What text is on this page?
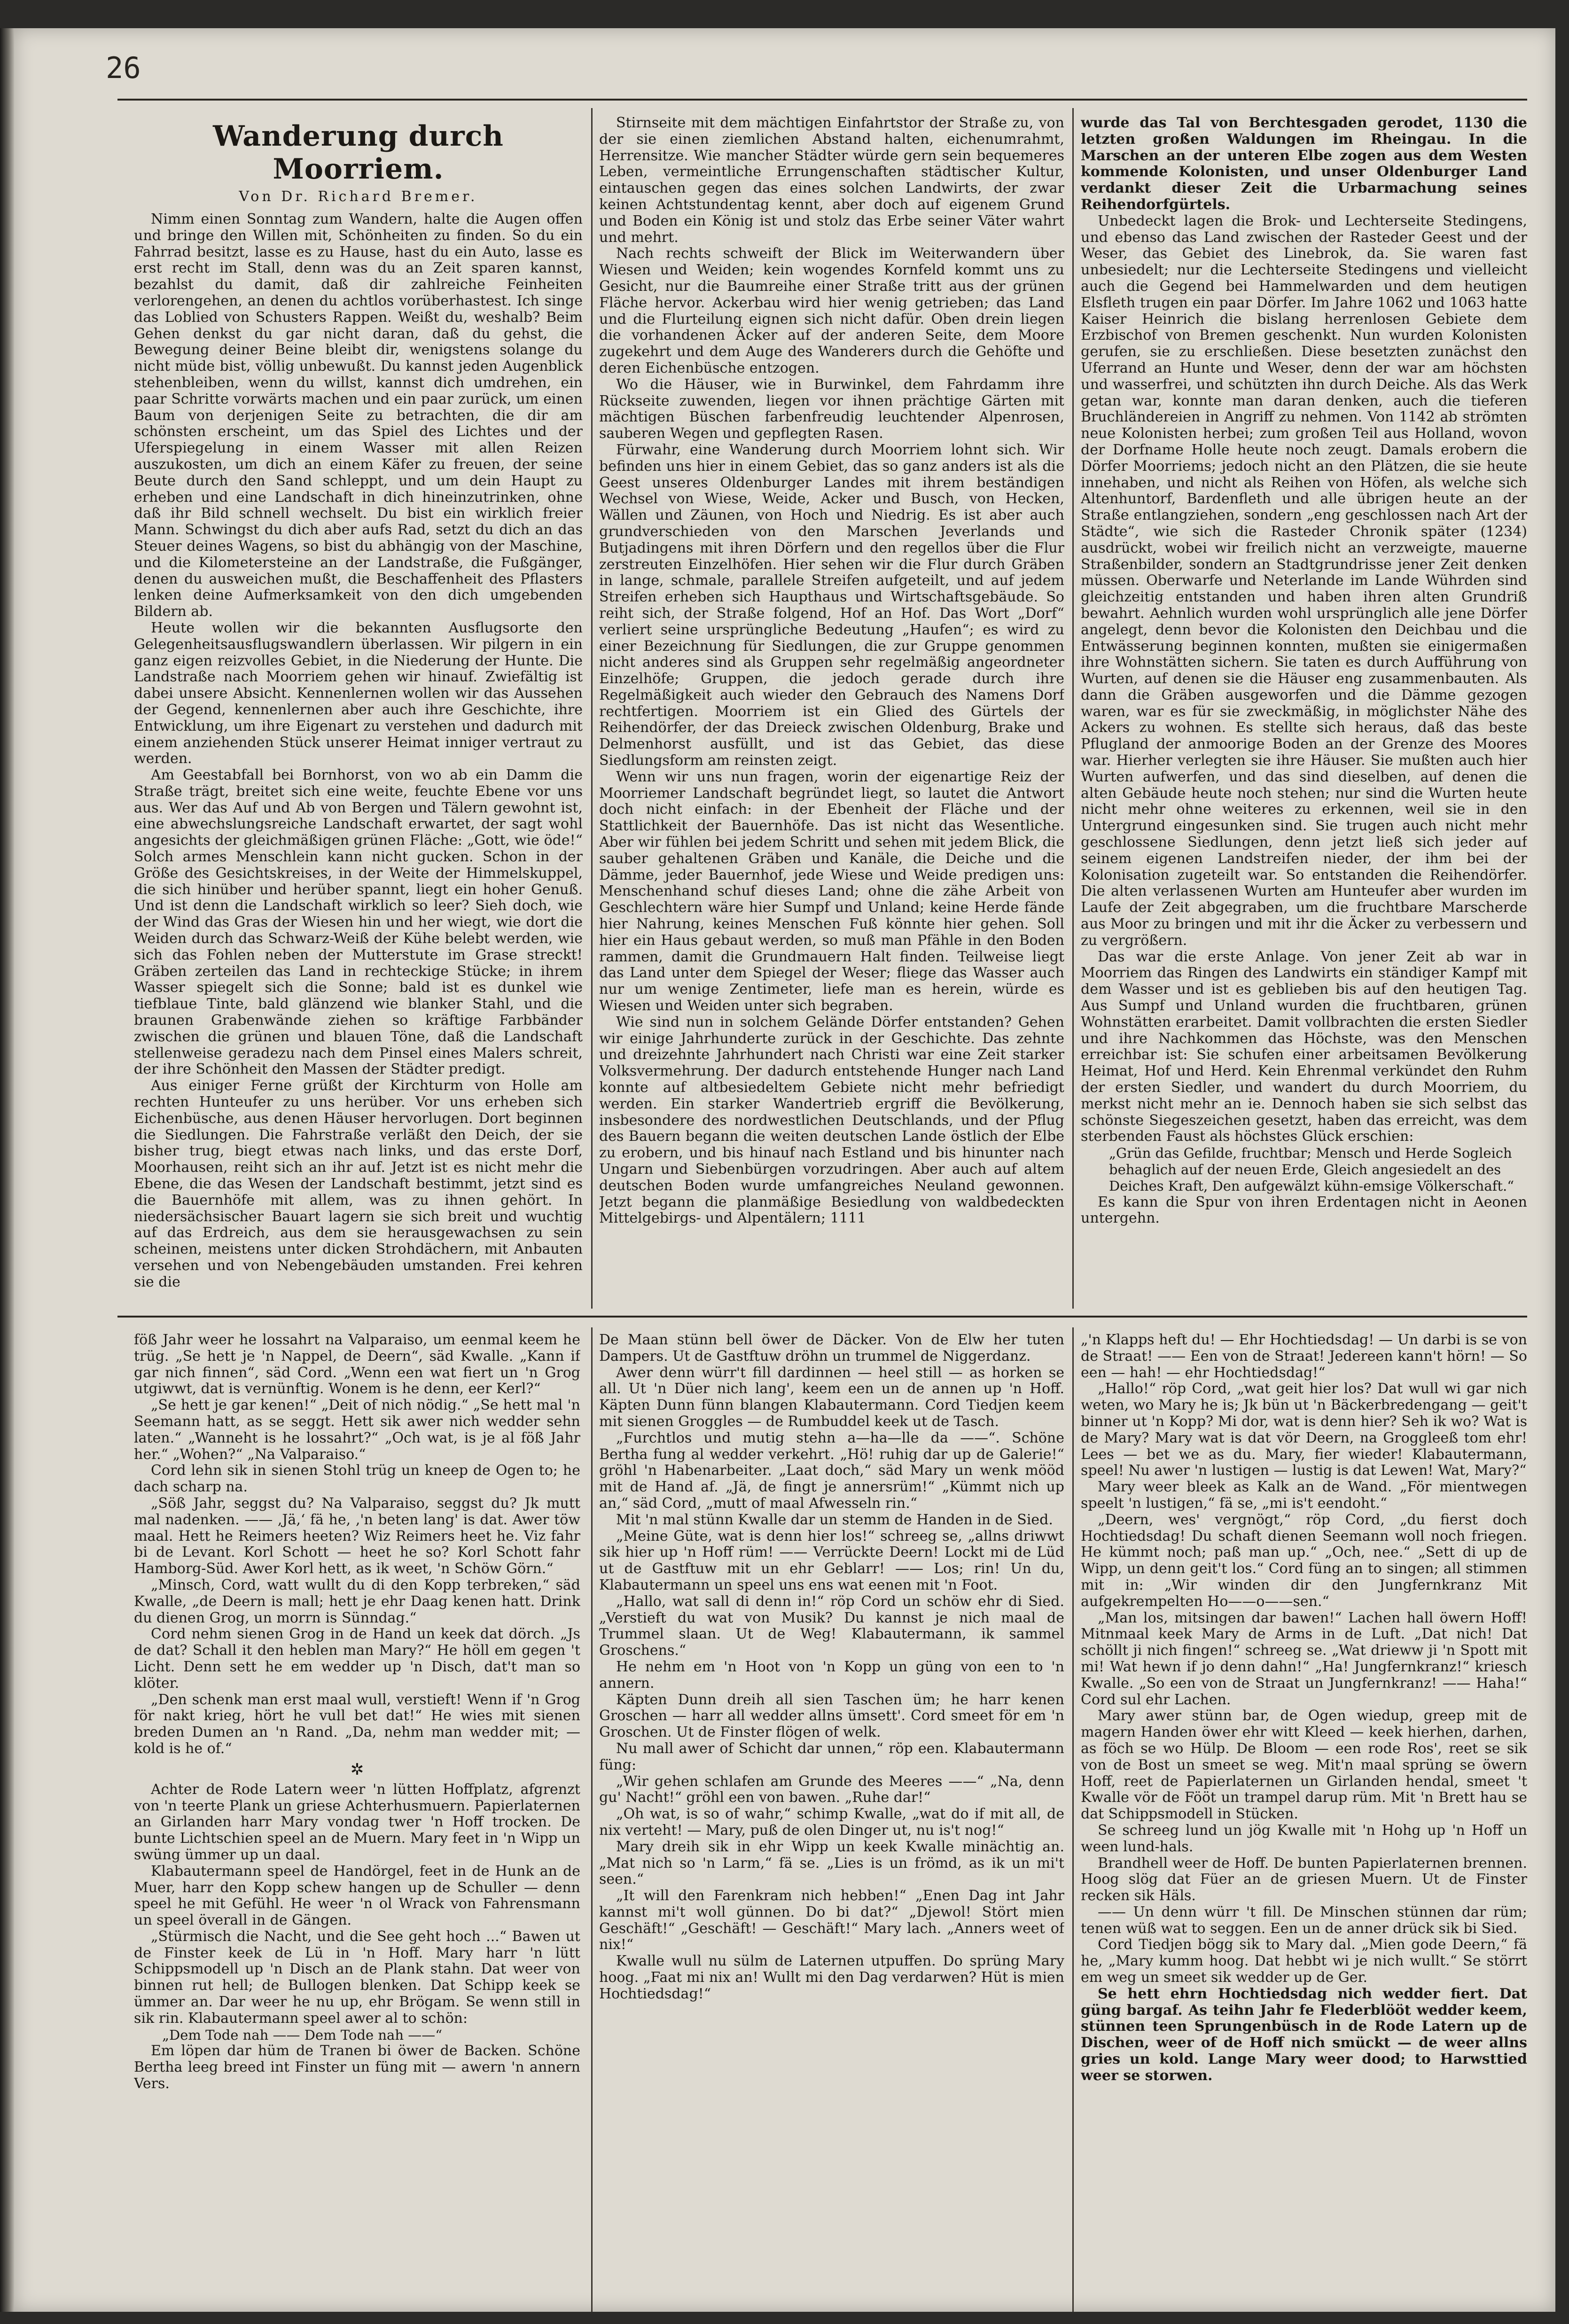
26
Wanderung durch Moorriem.
Von Dr. Richard Bremer.

Nimm einen Sonntag zum Wandern, halte die Augen offen und bringe den Willen mit, Schönheiten zu finden. So du ein Fahrrad besitzt, lasse es zu Hause, hast du ein Auto, lasse es erst recht im Stall, denn was du an Zeit sparen kannst, bezahlst du damit, daß dir zahlreiche Feinheiten verlorengehen, an denen du achtlos vorüberhastest. Ich singe das Loblied von Schusters Rappen. Weißt du, weshalb? Beim Gehen denkst du gar nicht daran, daß du gehst, die Bewegung deiner Beine bleibt dir, wenigstens solange du nicht müde bist, völlig unbewußt. Du kannst jeden Augenblick stehenbleiben, wenn du willst, kannst dich umdrehen, ein paar Schritte vorwärts machen und ein paar zurück, um einen Baum von derjenigen Seite zu betrachten, die dir am schönsten erscheint, um das Spiel des Lichtes und der Uferspiegelung in einem Wasser mit allen Reizen auszukosten, um dich an einem Käfer zu freuen, der seine Beute durch den Sand schleppt, und um dein Haupt zu erheben und eine Landschaft in dich hineinzutrinken, ohne daß ihr Bild schnell wechselt. Du bist ein wirklich freier Mann. Schwingst du dich aber aufs Rad, setzt du dich an das Steuer deines Wagens, so bist du abhängig von der Maschine, und die Kilometersteine an der Landstraße, die Fußgänger, denen du ausweichen mußt, die Beschaffenheit des Pflasters lenken deine Aufmerksamkeit von den dich umgebenden Bildern ab.

Heute wollen wir die bekannten Ausflugsorte den Gelegenheitsausflugswandlern überlassen. Wir pilgern in ein ganz eigen reizvolles Gebiet, in die Niederung der Hunte. Die Landstraße nach Moorriem gehen wir hinauf. Zwiefältig ist dabei unsere Absicht. Kennenlernen wollen wir das Aussehen der Gegend, kennenlernen aber auch ihre Geschichte, ihre Entwicklung, um ihre Eigenart zu verstehen und dadurch mit einem anziehenden Stück unserer Heimat inniger vertraut zu werden.

Am Geestabfall bei Bornhorst, von wo ab ein Damm die Straße trägt, breitet sich eine weite, feuchte Ebene vor uns aus. Wer das Auf und Ab von Bergen und Tälern gewohnt ist, eine abwechslungsreiche Landschaft erwartet, der sagt wohl angesichts der gleichmäßigen grünen Fläche: „Gott, wie öde!“ Solch armes Menschlein kann nicht gucken. Schon in der Größe des Gesichtskreises, in der Weite der Himmelskuppel, die sich hinüber und herüber spannt, liegt ein hoher Genuß. Und ist denn die Landschaft wirklich so leer? Sieh doch, wie der Wind das Gras der Wiesen hin und her wiegt, wie dort die Weiden durch das Schwarz-Weiß der Kühe belebt werden, wie sich das Fohlen neben der Mutterstute im Grase streckt! Gräben zerteilen das Land in rechteckige Stücke; in ihrem Wasser spiegelt sich die Sonne; bald ist es dunkel wie tiefblaue Tinte, bald glänzend wie blanker Stahl, und die braunen Grabenwände ziehen so kräftige Farbbänder zwischen die grünen und blauen Töne, daß die Landschaft stellenweise geradezu nach dem Pinsel eines Malers schreit, der ihre Schönheit den Massen der Städter predigt.

Aus einiger Ferne grüßt der Kirchturm von Holle am rechten Hunteufer zu uns herüber. Vor uns erheben sich Eichenbüsche, aus denen Häuser hervorlugen. Dort beginnen die Siedlungen. Die Fahrstraße verläßt den Deich, der sie bisher trug, biegt etwas nach links, und das erste Dorf, Moorhausen, reiht sich an ihr auf. Jetzt ist es nicht mehr die Ebene, die das Wesen der Landschaft bestimmt, jetzt sind es die Bauernhöfe mit allem, was zu ihnen gehört. In niedersächsischer Bauart lagern sie sich breit und wuchtig auf das Erdreich, aus dem sie herausgewachsen zu sein scheinen, meistens unter dicken Strohdächern, mit Anbauten versehen und von Nebengebäuden umstanden. Frei kehren sie die

Stirnseite mit dem mächtigen Einfahrtstor der Straße zu, von der sie einen ziemlichen Abstand halten, eichenumrahmt, Herrensitze. Wie mancher Städter würde gern sein bequemeres Leben, vermeintliche Errungenschaften städtischer Kultur, eintauschen gegen das eines solchen Landwirts, der zwar keinen Achtstundentag kennt, aber doch auf eigenem Grund und Boden ein König ist und stolz das Erbe seiner Väter wahrt und mehrt.

Nach rechts schweift der Blick im Weiterwandern über Wiesen und Weiden; kein wogendes Kornfeld kommt uns zu Gesicht, nur die Baumreihe einer Straße tritt aus der grünen Fläche hervor. Ackerbau wird hier wenig getrieben; das Land und die Flurteilung eignen sich nicht dafür. Oben drein liegen die vorhandenen Äcker auf der anderen Seite, dem Moore zugekehrt und dem Auge des Wanderers durch die Gehöfte und deren Eichenbüsche entzogen.

Wo die Häuser, wie in Burwinkel, dem Fahrdamm ihre Rückseite zuwenden, liegen vor ihnen prächtige Gärten mit mächtigen Büschen farbenfreudig leuchtender Alpenrosen, sauberen Wegen und gepflegten Rasen.

Fürwahr, eine Wanderung durch Moorriem lohnt sich. Wir befinden uns hier in einem Gebiet, das so ganz anders ist als die Geest unseres Oldenburger Landes mit ihrem beständigen Wechsel von Wiese, Weide, Acker und Busch, von Hecken, Wällen und Zäunen, von Hoch und Niedrig. Es ist aber auch grundverschieden von den Marschen Jeverlands und Butjadingens mit ihren Dörfern und den regellos über die Flur zerstreuten Einzelhöfen. Hier sehen wir die Flur durch Gräben in lange, schmale, parallele Streifen aufgeteilt, und auf jedem Streifen erheben sich Haupthaus und Wirtschaftsgebäude. So reiht sich, der Straße folgend, Hof an Hof. Das Wort „Dorf“ verliert seine ursprüngliche Bedeutung „Haufen“; es wird zu einer Bezeichnung für Siedlungen, die zur Gruppe genommen nicht anderes sind als Gruppen sehr regelmäßig angeordneter Einzelhöfe; Gruppen, die jedoch gerade durch ihre Regelmäßigkeit auch wieder den Gebrauch des Namens Dorf rechtfertigen. Moorriem ist ein Glied des Gürtels der Reihendörfer, der das Dreieck zwischen Oldenburg, Brake und Delmenhorst ausfüllt, und ist das Gebiet, das diese Siedlungsform am reinsten zeigt.

Wenn wir uns nun fragen, worin der eigenartige Reiz der Moorriemer Landschaft begründet liegt, so lautet die Antwort doch nicht einfach: in der Ebenheit der Fläche und der Stattlichkeit der Bauernhöfe. Das ist nicht das Wesentliche. Aber wir fühlen bei jedem Schritt und sehen mit jedem Blick, die sauber gehaltenen Gräben und Kanäle, die Deiche und die Dämme, jeder Bauernhof, jede Wiese und Weide predigen uns: Menschenhand schuf dieses Land; ohne die zähe Arbeit von Geschlechtern wäre hier Sumpf und Unland; keine Herde fände hier Nahrung, keines Menschen Fuß könnte hier gehen. Soll hier ein Haus gebaut werden, so muß man Pfähle in den Boden rammen, damit die Grundmauern Halt finden. Teilweise liegt das Land unter dem Spiegel der Weser; fliege das Wasser auch nur um wenige Zentimeter, liefe man es herein, würde es Wiesen und Weiden unter sich begraben.

Wie sind nun in solchem Gelände Dörfer entstanden? Gehen wir einige Jahrhunderte zurück in der Geschichte. Das zehnte und dreizehnte Jahrhundert nach Christi war eine Zeit starker Volksvermehrung. Der dadurch entstehende Hunger nach Land konnte auf altbesiedeltem Gebiete nicht mehr befriedigt werden. Ein starker Wandertrieb ergriff die Bevölkerung, insbesondere des nordwestlichen Deutschlands, und der Pflug des Bauern begann die weiten deutschen Lande östlich der Elbe zu erobern, und bis hinauf nach Estland und bis hinunter nach Ungarn und Siebenbürgen vorzudringen. Aber auch auf altem deutschen Boden wurde umfangreiches Neuland gewonnen. Jetzt begann die planmäßige Besiedlung von waldbedeckten Mittelgebirgs- und Alpentälern; 1111

wurde das Tal von Berchtesgaden gerodet, 1130 die letzten großen Waldungen im Rheingau. In die Marschen an der unteren Elbe zogen aus dem Westen kommende Kolonisten, und unser Oldenburger Land verdankt dieser Zeit die Urbarmachung seines Reihendorfgürtels.

Unbedeckt lagen die Brok- und Lechterseite Stedingens, und ebenso das Land zwischen der Rasteder Geest und der Weser, das Gebiet des Linebrok, da. Sie waren fast unbesiedelt; nur die Lechterseite Stedingens und vielleicht auch die Gegend bei Hammelwarden und dem heutigen Elsfleth trugen ein paar Dörfer. Im Jahre 1062 und 1063 hatte Kaiser Heinrich die bislang herrenlosen Gebiete dem Erzbischof von Bremen geschenkt. Nun wurden Kolonisten gerufen, sie zu erschließen. Diese besetzten zunächst den Uferrand an Hunte und Weser, denn der war am höchsten und wasserfrei, und schützten ihn durch Deiche. Als das Werk getan war, konnte man daran denken, auch die tieferen Bruchländereien in Angriff zu nehmen. Von 1142 ab strömten neue Kolonisten herbei; zum großen Teil aus Holland, wovon der Dorfname Holle heute noch zeugt. Damals erobern die Dörfer Moorriems; jedoch nicht an den Plätzen, die sie heute innehaben, und nicht als Reihen von Höfen, als welche sich Altenhuntorf, Bardenfleth und alle übrigen heute an der Straße entlangziehen, sondern „eng geschlossen nach Art der Städte“, wie sich die Rasteder Chronik später (1234) ausdrückt, wobei wir freilich nicht an verzweigte, mauerne Straßenbilder, sondern an Stadtgrundrisse jener Zeit denken müssen. Oberwarfe und Neterlande im Lande Wührden sind gleichzeitig entstanden und haben ihren alten Grundriß bewahrt. Aehnlich wurden wohl ursprünglich alle jene Dörfer angelegt, denn bevor die Kolonisten den Deichbau und die Entwässerung beginnen konnten, mußten sie einigermaßen ihre Wohnstätten sichern. Sie taten es durch Aufführung von Wurten, auf denen sie die Häuser eng zusammenbauten. Als dann die Gräben ausgeworfen und die Dämme gezogen waren, war es für sie zweckmäßig, in möglichster Nähe des Ackers zu wohnen. Es stellte sich heraus, daß das beste Pflugland der anmoorige Boden an der Grenze des Moores war. Hierher verlegten sie ihre Häuser. Sie mußten auch hier Wurten aufwerfen, und das sind dieselben, auf denen die alten Gebäude heute noch stehen; nur sind die Wurten heute nicht mehr ohne weiteres zu erkennen, weil sie in den Untergrund eingesunken sind. Sie trugen auch nicht mehr geschlossene Siedlungen, denn jetzt ließ sich jeder auf seinem eigenen Landstreifen nieder, der ihm bei der Kolonisation zugeteilt war. So entstanden die Reihendörfer. Die alten verlassenen Wurten am Hunteufer aber wurden im Laufe der Zeit abgegraben, um die fruchtbare Marscherde aus Moor zu bringen und mit ihr die Äcker zu verbessern und zu vergrößern.

Das war die erste Anlage. Von jener Zeit ab war in Moorriem das Ringen des Landwirts ein ständiger Kampf mit dem Wasser und ist es geblieben bis auf den heutigen Tag. Aus Sumpf und Unland wurden die fruchtbaren, grünen Wohnstätten erarbeitet. Damit vollbrachten die ersten Siedler und ihre Nachkommen das Höchste, was den Menschen erreichbar ist: Sie schufen einer arbeitsamen Bevölkerung Heimat, Hof und Herd. Kein Ehrenmal verkündet den Ruhm der ersten Siedler, und wandert du durch Moorriem, du merkst nicht mehr an ie. Dennoch haben sie sich selbst das schönste Siegeszeichen gesetzt, haben das erreicht, was dem sterbenden Faust als höchstes Glück erschien:

„Grün das Gefilde, fruchtbar; Mensch und Herde Sogleich behaglich auf der neuen Erde, Gleich angesiedelt an des Deiches Kraft, Den aufgewälzt kühn-emsige Völkerschaft.“

Es kann die Spur von ihren Erdentagen nicht in Aeonen untergehn.

föß Jahr weer he lossahrt na Valparaiso, um eenmal keem he trüg. „Se hett je 'n Nappel, de Deern“, säd Kwalle. „Kann if gar nich finnen“, säd Cord. „Wenn een wat fiert un 'n Grog utgiwwt, dat is vernünftig. Wonem is he denn, eer Kerl?“

„Se hett je gar kenen!“ „Deit of nich nödig.“ „Se hett mal 'n Seemann hatt, as se seggt. Hett sik awer nich wedder sehn laten.“ „Wanneht is he lossahrt?“ „Och wat, is je al föß Jahr her.“ „Wohen?“ „Na Valparaiso.“

Cord lehn sik in sienen Stohl trüg un kneep de Ogen to; he dach scharp na.

„Söß Jahr, seggst du? Na Valparaiso, seggst du? Jk mutt mal nadenken. —— ,Jä,‘ fä he, ‚'n beten lang' is dat. Awer töw maal. Hett he Reimers heeten? Wiz Reimers heet he. Viz fahr bi de Levant. Korl Schott — heet he so? Korl Schott fahr Hamborg-Süd. Awer Korl hett, as ik weet, 'n Schöw Görn.“

„Minsch, Cord, watt wullt du di den Kopp terbreken,“ säd Kwalle, „de Deern is mall; hett je ehr Daag kenen hatt. Drink du dienen Grog, un morrn is Sünndag.“

Cord nehm sienen Grog in de Hand un keek dat dörch. „Js de dat? Schall it den heblen man Mary?“ He höll em gegen 't Licht. Denn sett he em wedder up 'n Disch, dat't man so klöter.

„Den schenk man erst maal wull, verstieft! Wenn if 'n Grog för nakt krieg, hört he vull bet dat!“ He wies mit sienen breden Dumen an 'n Rand. „Da, nehm man wedder mit; — kold is he of.“

✲

Achter de Rode Latern weer 'n lütten Hoffplatz, afgrenzt von 'n teerte Plank un griese Achterhusmuern. Papierlaternen an Girlanden harr Mary vondag twer 'n Hoff trocken. De bunte Lichtschien speel an de Muern. Mary feet in 'n Wipp un swüng ümmer up un daal.

Klabautermann speel de Handörgel, feet in de Hunk an de Muer, harr den Kopp schew hangen up de Schuller — denn speel he mit Gefühl. He weer 'n ol Wrack von Fahrensmann un speel överall in de Gängen.

„Stürmisch die Nacht, und die See geht hoch ...“ Bawen ut de Finster keek de Lü in 'n Hoff. Mary harr 'n lütt Schippsmodell up 'n Disch an de Plank stahn. Dat weer von binnen rut hell; de Bullogen blenken. Dat Schipp keek se ümmer an. Dar weer he nu up, ehr Brögam. Se wenn still in sik rin. Klabautermann speel awer al to schön:

„Dem Tode nah —— Dem Tode nah ——“

Em löpen dar hüm de Tranen bi öwer de Backen. Schöne Bertha leeg breed int Finster un füng mit — awern 'n annern Vers.

De Maan stünn bell öwer de Däcker. Von de Elw her tuten Dampers. Ut de Gastftuw dröhn un trummel de Niggerdanz.

Awer denn würr't fill dardinnen — heel still — as horken se all. Ut 'n Düer nich lang', keem een un de annen up 'n Hoff. Käpten Dunn fünn blangen Klabautermann. Cord Tiedjen keem mit sienen Groggles — de Rumbuddel keek ut de Tasch.

„Furchtlos und mutig stehn a—ha—lle da ——“. Schöne Bertha fung al wedder verkehrt. „Hö! ruhig dar up de Galerie!“ gröhl 'n Habenarbeiter. „Laat doch,“ säd Mary un wenk mööd mit de Hand af. „Jä, de fingt je annersrüm!“ „Kümmt nich up an,“ säd Cord, „mutt of maal Afwesseln rin.“

Mit 'n mal stünn Kwalle dar un stemm de Handen in de Sied.

„Meine Güte, wat is denn hier los!“ schreeg se, „allns driwwt sik hier up 'n Hoff rüm! —— Verrückte Deern! Lockt mi de Lüd ut de Gastftuw mit un ehr Geblarr! —— Los; rin! Un du, Klabautermann un speel uns ens wat eenen mit 'n Foot.

„Hallo, wat sall di denn in!“ röp Cord un schöw ehr di Sied. „Verstieft du wat von Musik? Du kannst je nich maal de Trummel slaan. Ut de Weg! Klabautermann, ik sammel Groschens.“

He nehm em 'n Hoot von 'n Kopp un güng von een to 'n annern.

Käpten Dunn dreih all sien Taschen üm; he harr kenen Groschen — harr all wedder allns ümsett'. Cord smeet för em 'n Groschen. Ut de Finster flögen of welk.

Nu mall awer of Schicht dar unnen,“ röp een. Klabautermann füng:

„Wir gehen schlafen am Grunde des Meeres ——“ „Na, denn gu' Nacht!“ gröhl een von bawen. „Ruhe dar!“

„Oh wat, is so of wahr,“ schimp Kwalle, „wat do if mit all, de nix verteht! — Mary, puß de olen Dinger ut, nu is't nog!“

Mary dreih sik in ehr Wipp un keek Kwalle minächtig an. „Mat nich so 'n Larm,“ fä se. „Lies is un frömd, as ik un mi't seen.“

„It will den Farenkram nich hebben!“ „Enen Dag int Jahr kannst mi't woll günnen. Do bi dat?“ „Djewol! Stört mien Geschäft!“ „Geschäft! — Geschäft!“ Mary lach. „Anners weet of nix!“

Kwalle wull nu sülm de Laternen utpuffen. Do sprüng Mary hoog. „Faat mi nix an! Wullt mi den Dag verdarwen? Hüt is mien Hochtiedsdag!“

„'n Klapps heft du! — Ehr Hochtiedsdag! — Un darbi is se von de Straat! —— Een von de Straat! Jedereen kann't hörn! — So een — hah! — ehr Hochtiedsdag!“

„Hallo!“ röp Cord, „wat geit hier los? Dat wull wi gar nich weten, wo Mary he is; Jk bün ut 'n Bäckerbredengang — geit't binner ut 'n Kopp? Mi dor, wat is denn hier? Seh ik wo? Wat is de Mary? Mary wat is dat vör Deern, na Groggleeß tom ehr! Lees — bet we as du. Mary, fier wieder! Klabautermann, speel! Nu awer 'n lustigen — lustig is dat Lewen! Wat, Mary?“

Mary weer bleek as Kalk an de Wand. „För mientwegen speelt 'n lustigen,“ fä se, „mi is't eendoht.“

„Deern, wes' vergnögt,“ röp Cord, „du fierst doch Hochtiedsdag! Du schaft dienen Seemann woll noch friegen. He kümmt noch; paß man up.“ „Och, nee.“ „Sett di up de Wipp, un denn geit't los.“ Cord füng an to singen; all stimmen mit in: „Wir winden dir den Jungfernkranz Mit aufgekrempelten Ho——o——sen.“

„Man los, mitsingen dar bawen!“ Lachen hall öwern Hoff! Mitnmaal keek Mary de Arms in de Luft. „Dat nich! Dat schöllt ji nich fingen!“ schreeg se. „Wat drieww ji 'n Spott mit mi! Wat hewn if jo denn dahn!“ „Ha! Jungfernkranz!“ kriesch Kwalle. „So een von de Straat un Jungfernkranz! —— Haha!“ Cord sul ehr Lachen.

Mary awer stünn bar, de Ogen wiedup, greep mit de magern Handen öwer ehr witt Kleed — keek hierhen, darhen, as föch se wo Hülp. De Bloom — een rode Ros', reet se sik von de Bost un smeet se weg. Mit'n maal sprüng se öwern Hoff, reet de Papierlaternen un Girlanden hendal, smeet 't Kwalle vör de Fööt un trampel darup rüm. Mit 'n Brett hau se dat Schippsmodell in Stücken.

Se schreeg lund un jög Kwalle mit 'n Hohg up 'n Hoff un ween lund-hals.

Brandhell weer de Hoff. De bunten Papierlaternen brennen. Hoog slög dat Füer an de griesen Muern. Ut de Finster recken sik Häls.

—— Un denn würr 't fill. De Minschen stünnen dar rüm; tenen wüß wat to seggen. Een un de anner drück sik bi Sied.

Cord Tiedjen bögg sik to Mary dal. „Mien gode Deern,“ fä he, „Mary kumm hoog. Dat hebbt wi je nich wullt.“ Se störrt em weg un smeet sik wedder up de Ger.

Se hett ehrn Hochtiedsdag nich wedder fiert. Dat güng bargaf. As teihn Jahr fe Flederblööt wedder keem, stünnen teen Sprungenbüsch in de Rode Latern up de Dischen, weer of de Hoff nich smückt — de weer allns gries un kold. Lange Mary weer dood; to Harwsttied weer se storwen.
